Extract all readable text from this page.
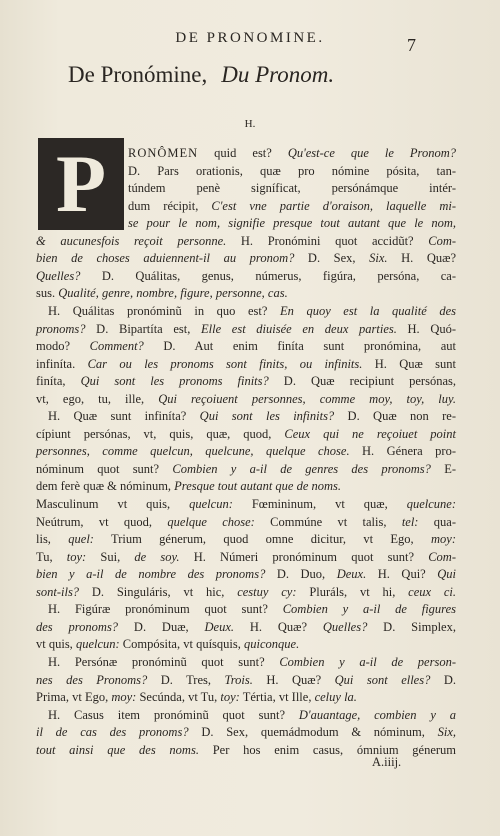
DE PRONOMINE.	7
De Pronómine, Du Pronom.
H.
P	RONÔMEN quid est? Qu'est-ce que le Pronom?
D. Pars orationis, quæ pro nómine pósita, tan-
túndem penè signíficat, persónámque intér-
dum récipit, C'est vne partie d'oraison, laquelle mi-
se pour le nom, signifie presque tout autant que le nom,
& aucunesfois reçoit personne. H. Pronómini quot accidũt? Com-
bien de choses aduiennent-il au pronom? D. Sex, Six. H. Quæ?
Quelles? D. Quálitas, genus, númerus, figúra, persóna, ca-
sus. Qualité, genre, nombre, figure, personne, cas.
H. Quálitas pronóminũ in quo est? En quoy est la qualité des
pronoms? D. Bipartíta est, Elle est diuisée en deux parties. H. Quó-
modo? Comment? D. Aut enim finíta sunt pronómina, aut
infiníta. Car ou les pronoms sont finits, ou infinits. H. Quæ sunt
finíta, Qui sont les pronoms finits? D. Quæ recipiunt persónas,
vt, ego, tu, ille, Qui reçoiuent personnes, comme moy, toy, luy.
H. Quæ sunt infiníta? Qui sont les infinits? D. Quæ non re-
cípiunt persónas, vt, quis, quæ, quod, Ceux qui ne reçoiuet point
personnes, comme quelcun, quelcune, quelque chose. H. Génera pro-
nóminum quot sunt? Combien y a-il de genres des pronoms? E-
dem ferè quæ & nóminum, Presque tout autant que de noms.
Masculinum vt quis, quelcun: Fœmininum, vt quæ, quelcune:
Neútrum, vt quod, quelque chose: Commúne vt talis, tel: qua-
lis, quel: Trium génerum, quod omne dicitur, vt Ego, moy:
Tu, toy: Sui, de soy. H. Númeri pronóminum quot sunt? Com-
bien y a-il de nombre des pronoms? D. Duo, Deux. H. Qui? Qui
sont-ils? D. Singuláris, vt hic, cestuy cy: Pluráls, vt hi, ceux ci.
H. Figúræ pronóminum quot sunt? Combien y a-il de figures
des pronoms? D. Duæ, Deux. H. Quæ? Quelles? D. Simplex,
vt quis, quelcun: Compósita, vt quísquis, quiconque.
H. Persónæ pronóminũ quot sunt? Combien y a-il de person-
nes des Pronoms? D. Tres, Trois. H. Quæ? Qui sont elles? D.
Prima, vt Ego, moy: Secúnda, vt Tu, toy: Tértia, vt Ille, celuy la.
H. Casus item pronóminũ quot sunt? D'auantage, combien y a
il de cas des pronoms? D. Sex, quemádmodum & nóminum, Six,
tout ainsi que des noms. Per hos enim casus, ómnium génerum
A.iiij.
